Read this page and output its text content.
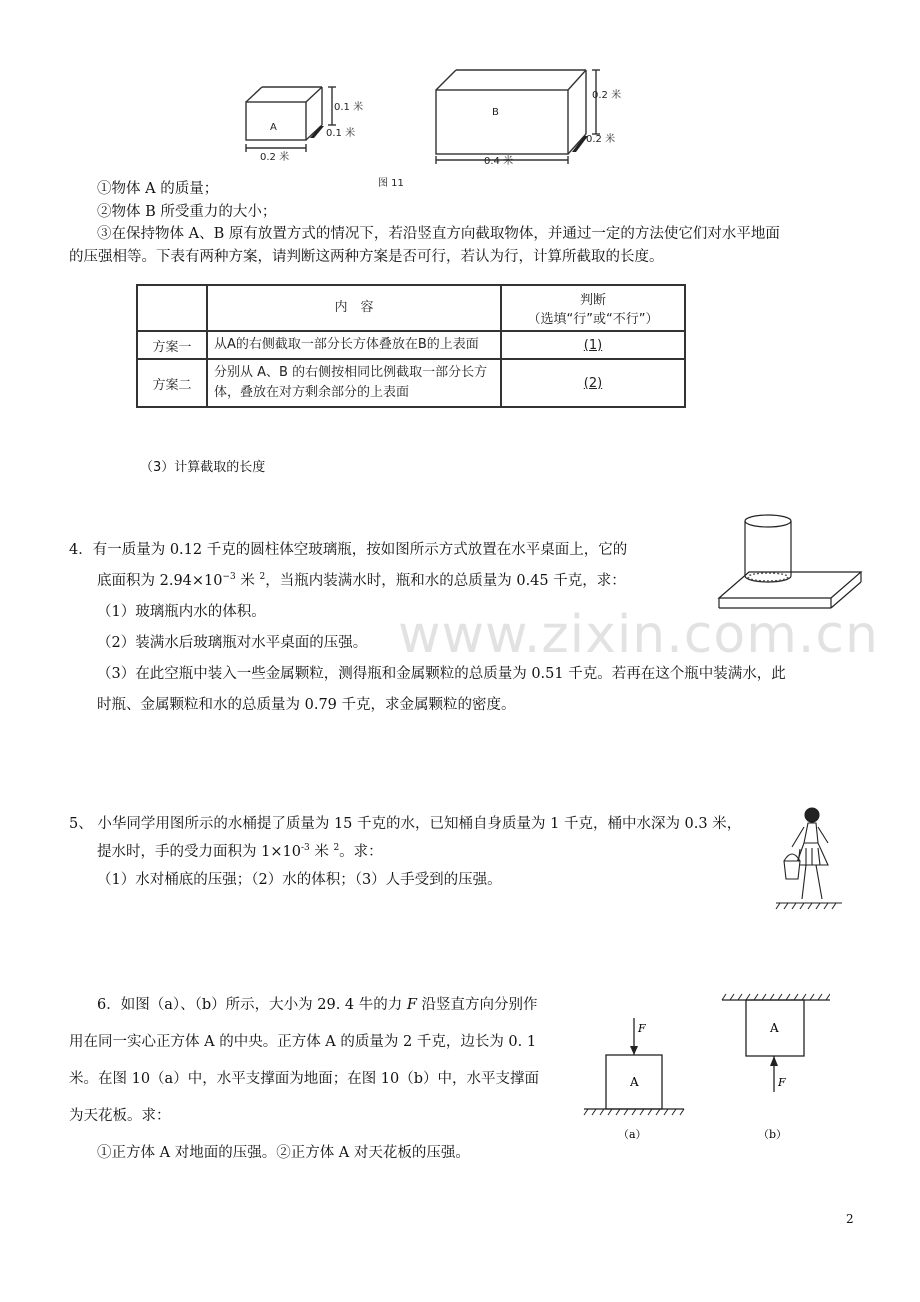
A
B
0.1 米
0.1 米
0.2 米
0.2 米
0.2 米
0.4 米
图 11
①物体 A 的质量；
②物体 B 所受重力的大小；
③在保持物体 A、B 原有放置方式的情况下，若沿竖直方向截取物体，并通过一定的方法使它们对水平地面
的压强相等。下表有两种方案，请判断这两种方案是否可行，若认为行，计算所截取的长度。
	内　容	判断
（选填“行”或“不行”）

方案一	从A的右侧截取一部分长方体叠放在B的上表面	(1)
方案二	分别从 A、B 的右侧按相同比例截取一部分长方体，叠放在对方剩余部分的上表面	(2)
（3）计算截取的长度
4．有一质量为 0.12 千克的圆柱体空玻璃瓶，按如图所示方式放置在水平桌面上，它的
底面积为 $2.94\times 10^{-3}$ 米 $^2$，当瓶内装满水时，瓶和水的总质量为 0.45 千克，求：
（1）玻璃瓶内水的体积。
（2）装满水后玻璃瓶对水平桌面的压强。
（3）在此空瓶中装入一些金属颗粒，测得瓶和金属颗粒的总质量为 0.51 千克。若再在这个瓶中装满水，此
时瓶、金属颗粒和水的总质量为 0.79 千克，求金属颗粒的密度。
www.zixin.com.cn
5、 小华同学用图所示的水桶提了质量为 15 千克的水，已知桶自身质量为 1 千克，桶中水深为 0.3 米，
提水时，手的受力面积为 $1\times 10^{-3}$ 米 $^2$。求：
（1）水对桶底的压强；（2）水的体积；（3）人手受到的压强。
6．如图（a）、（b）所示，大小为 29. 4 牛的力 F 沿竖直方向分别作
用在同一实心正方体 A 的中央。正方体 A 的质量为 2 千克，边长为 0. 1
米。在图 10（a）中，水平支撑面为地面；在图 10（b）中，水平支撑面
为天花板。求：
①正方体 A 对地面的压强。②正方体 A 对天花板的压强。
A
A
F
F
（a）	（b）
2
